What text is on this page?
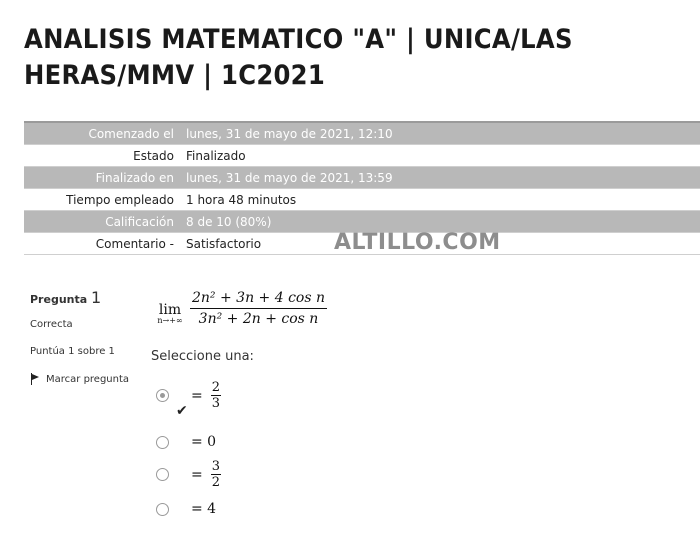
ANALISIS MATEMATICO "A" | UNICA/LAS HERAS/MMV | 1C2021
Comenzado el	lunes, 31 de mayo de 2021, 12:10
Estado	Finalizado
Finalizado en	lunes, 31 de mayo de 2021, 13:59
Tiempo empleado	1 hora 48 minutos
Calificación	8 de 10 (80%)
Comentario -	Satisfactorio	ALTILLO.COM
Pregunta 1
Correcta
Puntúa 1 sobre 1
Marcar pregunta
lim
$n\to+\infty \frac{\text{2n² + 3n + 4 cos n}}{\text{3n² + 2n + cos n}}$
Seleccione una:
= $\frac{2}{3}$
✔
= 0
= $\frac{3}{2}$
= 4
